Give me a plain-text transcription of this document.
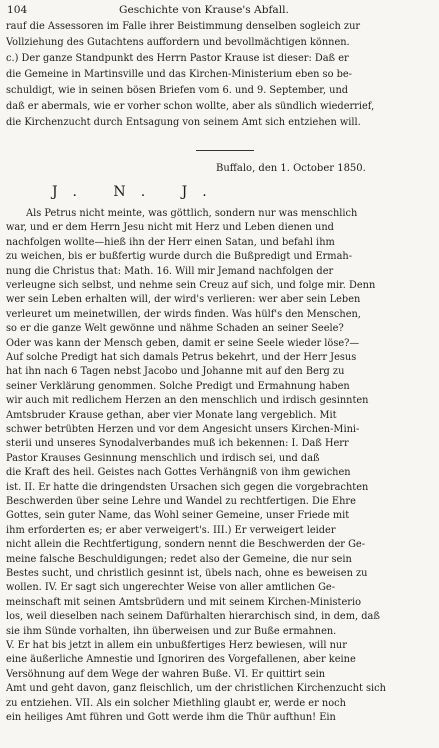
104	Geschichte von Krause's Abfall.
rauf die Assessoren im Falle ihrer Beistimmung denselben sogleich zur
Vollziehung des Gutachtens auffordern und bevollmächtigen können.
c.) Der ganze Standpunkt des Herrn Pastor Krause ist dieser: Daß er
die Gemeine in Martinsville und das Kirchen-Ministerium eben so be-
schuldigt, wie in seinen bösen Briefen vom 6. und 9. September, und
daß er abermals, wie er vorher schon wollte, aber als sündlich wiederrief,
die Kirchenzucht durch Entsagung von seinem Amt sich entziehen will.
Buffalo, den 1. October 1850.
J. N. J.
Als Petrus nicht meinte, was göttlich, sondern nur was menschlich
war, und er dem Herrn Jesu nicht mit Herz und Leben dienen und
nachfolgen wollte—hieß ihn der Herr einen Satan, und befahl ihm
zu weichen, bis er bußfertig wurde durch die Bußpredigt und Ermah-
nung die Christus that: Math. 16. Will mir Jemand nachfolgen der
verleugne sich selbst, und nehme sein Creuz auf sich, und folge mir. Denn
wer sein Leben erhalten will, der wird's verlieren: wer aber sein Leben
verleuret um meinetwillen, der wirds finden. Was hülf's den Menschen,
so er die ganze Welt gewönne und nähme Schaden an seiner Seele?
Oder was kann der Mensch geben, damit er seine Seele wieder löse?—
Auf solche Predigt hat sich damals Petrus bekehrt, und der Herr Jesus
hat ihn nach 6 Tagen nebst Jacobo und Johanne mit auf den Berg zu
seiner Verklärung genommen. Solche Predigt und Ermahnung haben
wir auch mit redlichem Herzen an den menschlich und irdisch gesinnten
Amtsbruder Krause gethan, aber vier Monate lang vergeblich. Mit
schwer betrübten Herzen und vor dem Angesicht unsers Kirchen-Mini-
sterii und unseres Synodalverbandes muß ich bekennen: I. Daß Herr
Pastor Krauses Gesinnung menschlich und irdisch sei, und daß
die Kraft des heil. Geistes nach Gottes Verhängniß von ihm gewichen
ist. II. Er hatte die dringendsten Ursachen sich gegen die vorgebrachten
Beschwerden über seine Lehre und Wandel zu rechtfertigen. Die Ehre
Gottes, sein guter Name, das Wohl seiner Gemeine, unser Friede mit
ihm erforderten es; er aber verweigert's. III.) Er verweigert leider
nicht allein die Rechtfertigung, sondern nennt die Beschwerden der Ge-
meine falsche Beschuldigungen; redet also der Gemeine, die nur sein
Bestes sucht, und christlich gesinnt ist, übels nach, ohne es beweisen zu
wollen. IV. Er sagt sich ungerechter Weise von aller amtlichen Ge-
meinschaft mit seinen Amtsbrüdern und mit seinem Kirchen-Ministerio
los, weil dieselben nach seinem Dafürhalten hierarchisch sind, in dem, daß
sie ihm Sünde vorhalten, ihn überweisen und zur Buße ermahnen.
V. Er hat bis jetzt in allem ein unbußfertiges Herz bewiesen, will nur
eine äußerliche Amnestie und Ignoriren des Vorgefallenen, aber keine
Versöhnung auf dem Wege der wahren Buße. VI. Er quittirt sein
Amt und geht davon, ganz fleischlich, um der christlichen Kirchenzucht sich
zu entziehen. VII. Als ein solcher Miethling glaubt er, werde er noch
ein heiliges Amt führen und Gott werde ihm die Thür aufthun! Ein
